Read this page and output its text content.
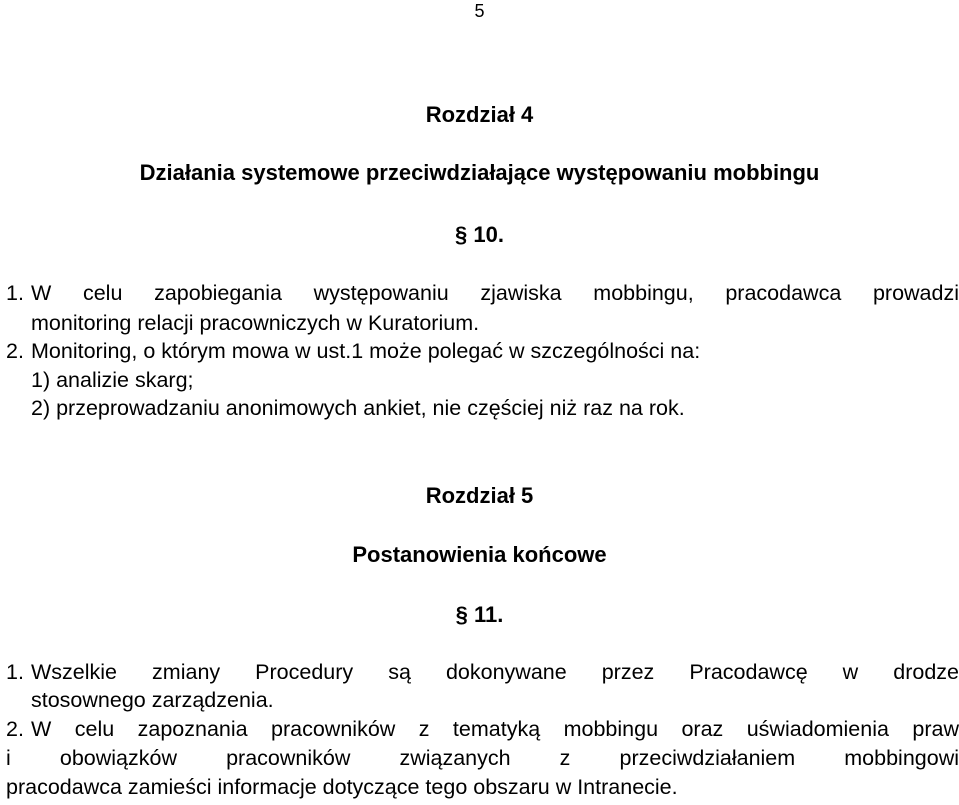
5
Rozdział 4
Działania systemowe przeciwdziałające występowaniu mobbingu
§ 10.
1. W celu zapobiegania występowaniu zjawiska mobbingu, pracodawca prowadzi
monitoring relacji pracowniczych w Kuratorium.
2. Monitoring, o którym mowa w ust.1 może polegać w szczególności na:
1) analizie skarg;
2) przeprowadzaniu anonimowych ankiet, nie częściej niż raz na rok.
Rozdział 5
Postanowienia końcowe
§ 11.
1. Wszelkie zmiany Procedury są dokonywane przez Pracodawcę w drodze
stosownego zarządzenia.
2. W celu zapoznania pracowników z tematyką mobbingu oraz uświadomienia praw
i obowiązków pracowników związanych z przeciwdziałaniem mobbingowi
pracodawca zamieści informacje dotyczące tego obszaru w Intranecie.
